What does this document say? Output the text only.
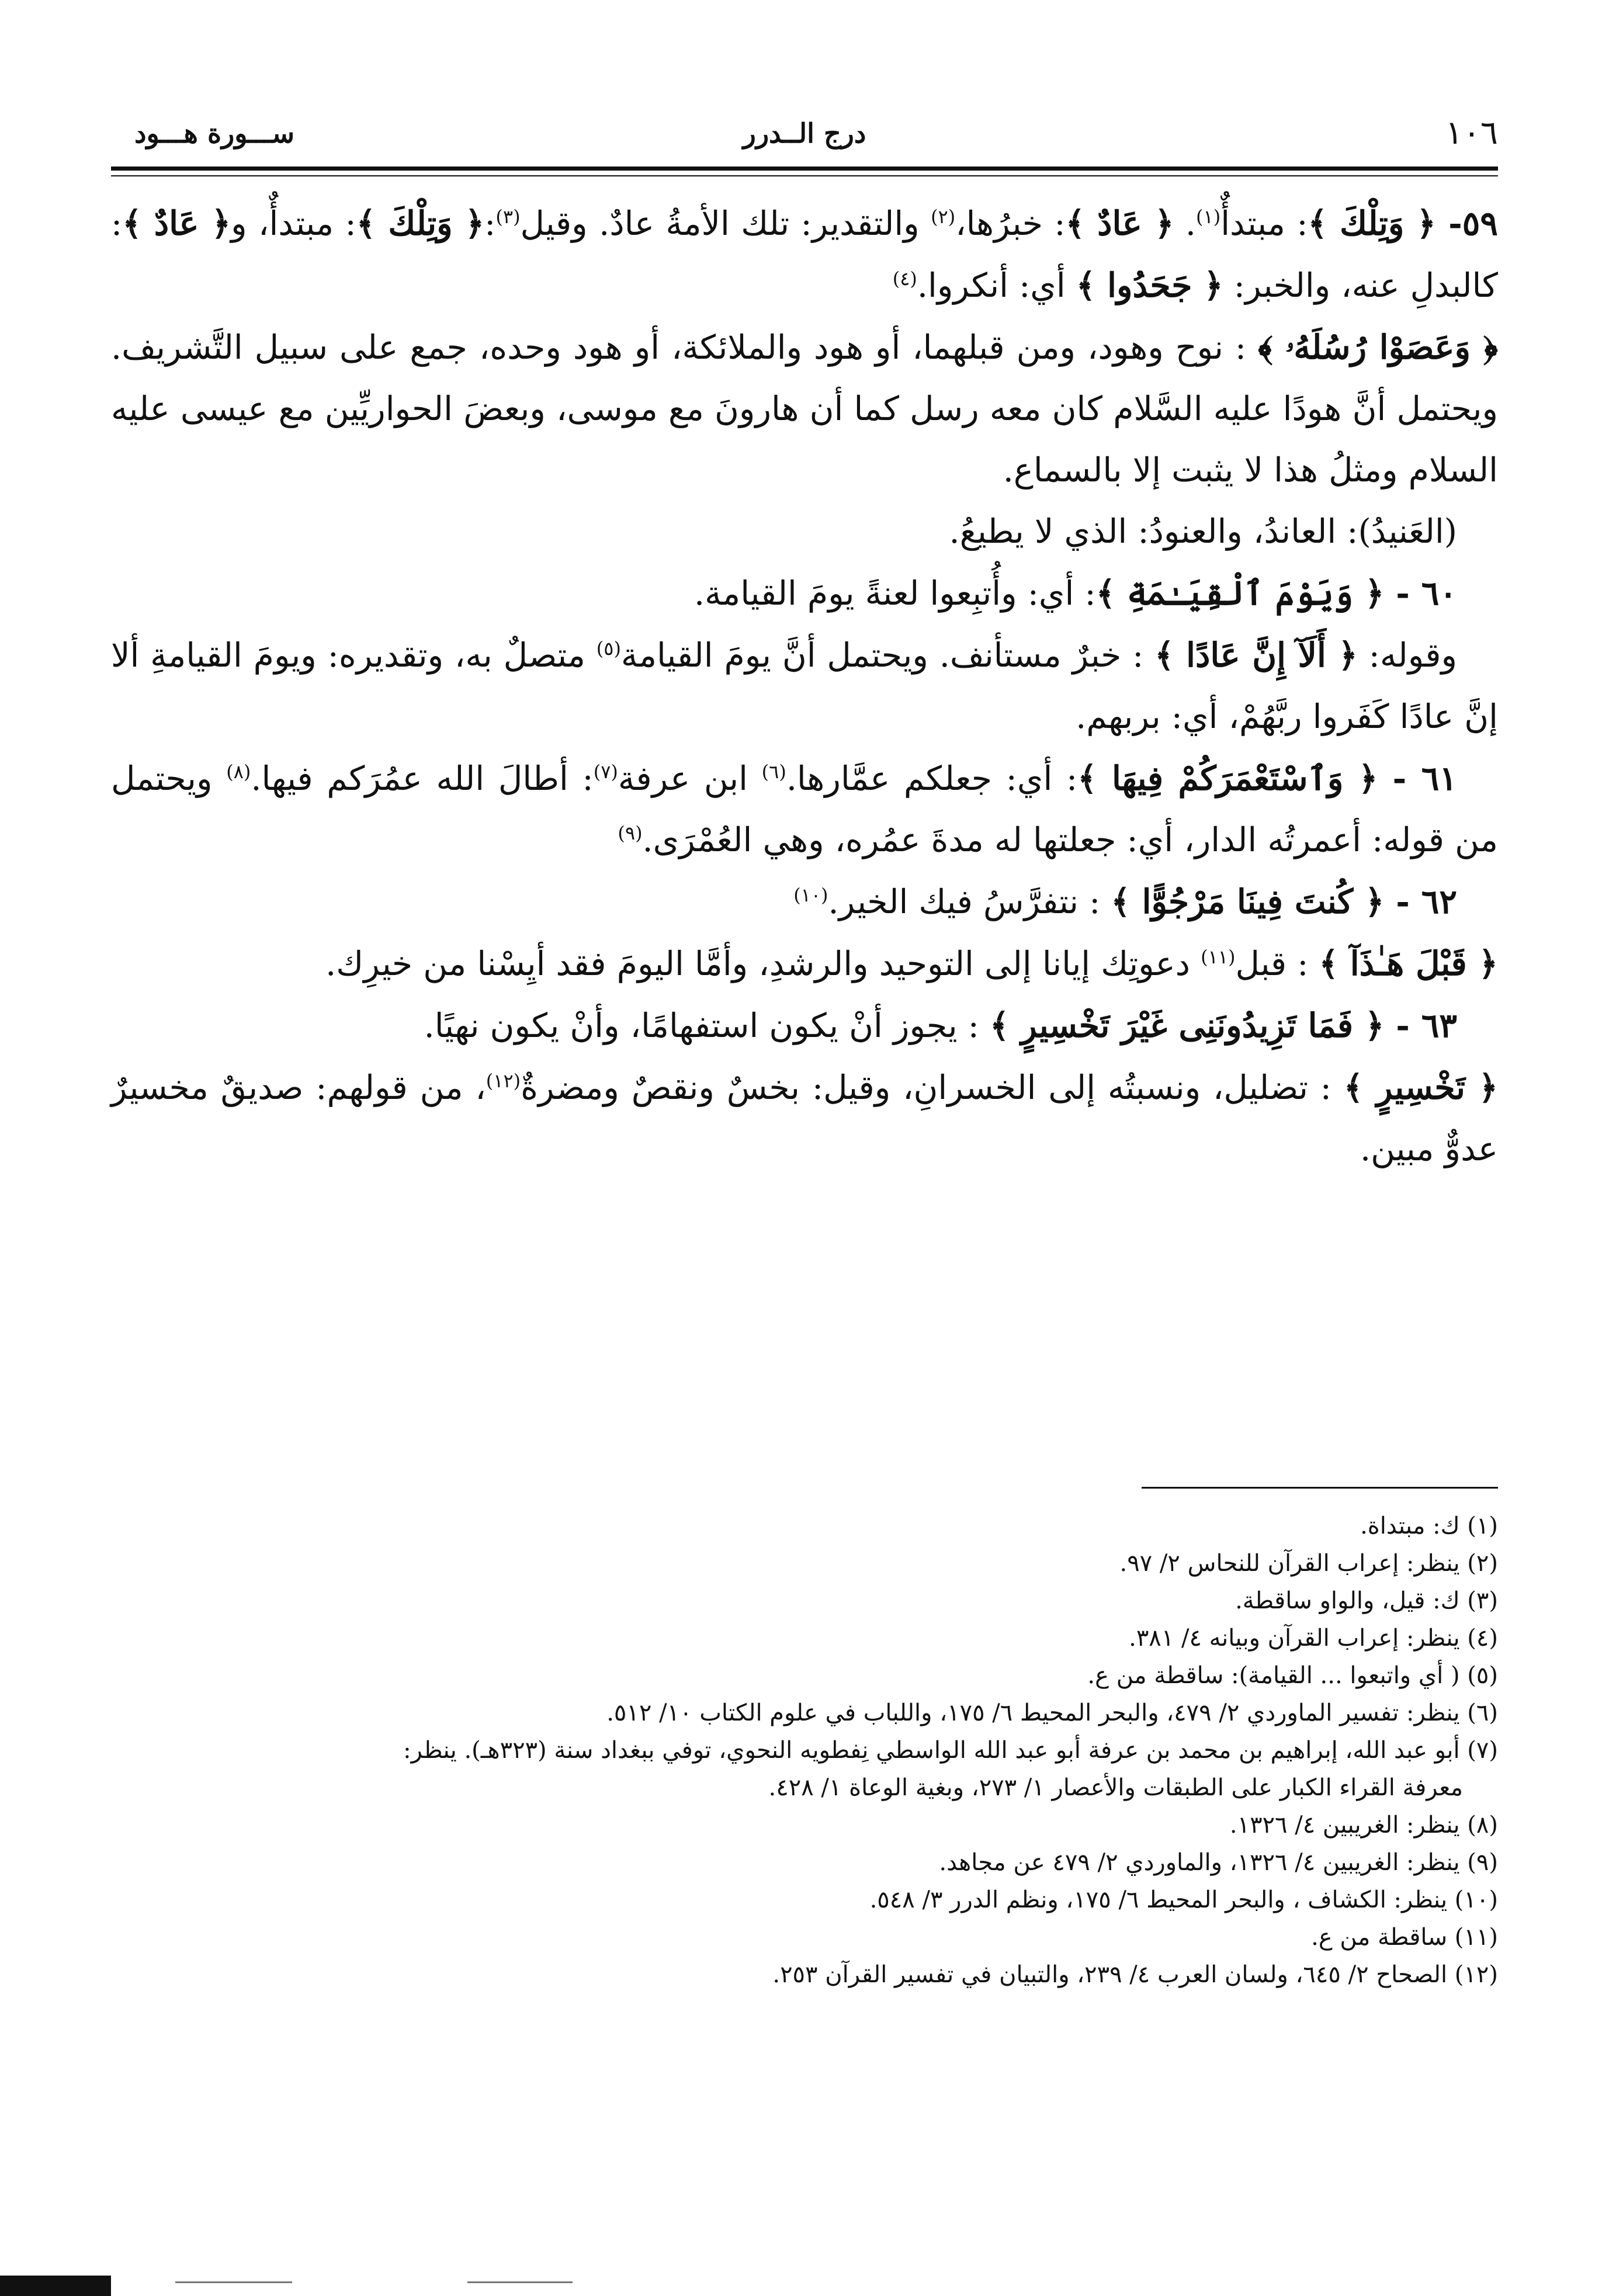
١٠٦
درج الــدرر
ســـورة هـــود

٥٩- ﴿ وَتِلْكَ ﴾: مبتدأٌ$^{(١)}$. ﴿ عَادٌ ﴾: خبرُها،$^{(٢)}$ والتقدير: تلك الأمةُ عادٌ. وقيل$^{(٣)}$:﴿ وَتِلْكَ ﴾: مبتدأٌ، و﴿ عَادٌ ﴾: كالبدلِ عنه، والخبر: ﴿ جَحَدُوا ﴾ أي: أنكروا.$^{(٤)}$

﴿ وَعَصَوْا رُسُلَهُۥ ﴾ : نوح وهود، ومن قبلهما، أو هود والملائكة، أو هود وحده، جمع على سبيل التَّشريف. ويحتمل أنَّ هودًا عليه السَّلام كان معه رسل كما أن هارونَ مع موسى، وبعضَ الحواريِّين مع عيسى عليه السلام ومثلُ هذا لا يثبت إلا بالسماع.

(العَنيدُ): العاندُ، والعنودُ: الذي لا يطيعُ.

٦٠ - ﴿ وَيَوْمَ ٱلْقِيَـٰمَةِ ﴾: أي: وأُتبِعوا لعنةً يومَ القيامة.

وقوله: ﴿ أَلَآ إِنَّ عَادًا ﴾ : خبرٌ مستأنف. ويحتمل أنَّ يومَ القيامة$^{(٥)}$ متصلٌ به، وتقديره: ويومَ القيامةِ ألا إنَّ عادًا كَفَروا ربَّهُمْ، أي: بربهم.

٦١ - ﴿ وَٱسْتَعْمَرَكُمْ فِيهَا ﴾: أي: جعلكم عمَّارها.$^{(٦)}$ ابن عرفة$^{(٧)}$: أطالَ الله عمُرَكم فيها.$^{(٨)}$ ويحتمل من قوله: أعمرتُه الدار، أي: جعلتها له مدةَ عمُره، وهي العُمْرَى.$^{(٩)}$

٦٢ - ﴿ كُنتَ فِينَا مَرْجُوًّا ﴾ : نتفرَّسُ فيك الخير.$^{(١٠)}$

﴿ قَبْلَ هَـٰذَآ ﴾ : قبل$^{(١١)}$ دعوتِك إيانا إلى التوحيد والرشدِ، وأمَّا اليومَ فقد أيِسْنا من خيرِك.

٦٣ - ﴿ فَمَا تَزِيدُونَنِى غَيْرَ تَخْسِيرٍ ﴾ : يجوز أنْ يكون استفهامًا، وأنْ يكون نهيًا.

﴿ تَخْسِيرٍ ﴾ : تضليل، ونسبتُه إلى الخسرانِ، وقيل: بخسٌ ونقصٌ ومضرةٌ$^{(١٢)}$، من قولهم: صديقٌ مخسيرٌ عدوٌّ مبين.

(١) ك: مبتداة.

(٢) ينظر: إعراب القرآن للنحاس ٢/ ٩٧.

(٣) ك: قيل، والواو ساقطة.

(٤) ينظر: إعراب القرآن وبيانه ٤/ ٣٨١.

(٥) ( أي واتبعوا ... القيامة): ساقطة من ع.

(٦) ينظر: تفسير الماوردي ٢/ ٤٧٩، والبحر المحيط ٦/ ١٧٥، واللباب في علوم الكتاب ١٠/ ٥١٢.

(٧) أبو عبد الله، إبراهيم بن محمد بن عرفة أبو عبد الله الواسطي نِفطويه النحوي، توفي ببغداد سنة (٣٢٣هـ). ينظر:

معرفة القراء الكبار على الطبقات والأعصار ١/ ٢٧٣، وبغية الوعاة ١/ ٤٢٨.

(٨) ينظر: الغريبين ٤/ ١٣٢٦.

(٩) ينظر: الغريبين ٤/ ١٣٢٦، والماوردي ٢/ ٤٧٩ عن مجاهد.

(١٠) ينظر: الكشاف ، والبحر المحيط ٦/ ١٧٥، ونظم الدرر ٣/ ٥٤٨.

(١١) ساقطة من ع.

(١٢) الصحاح ٢/ ٦٤٥، ولسان العرب ٤/ ٢٣٩، والتبيان في تفسير القرآن ٢٥٣.
